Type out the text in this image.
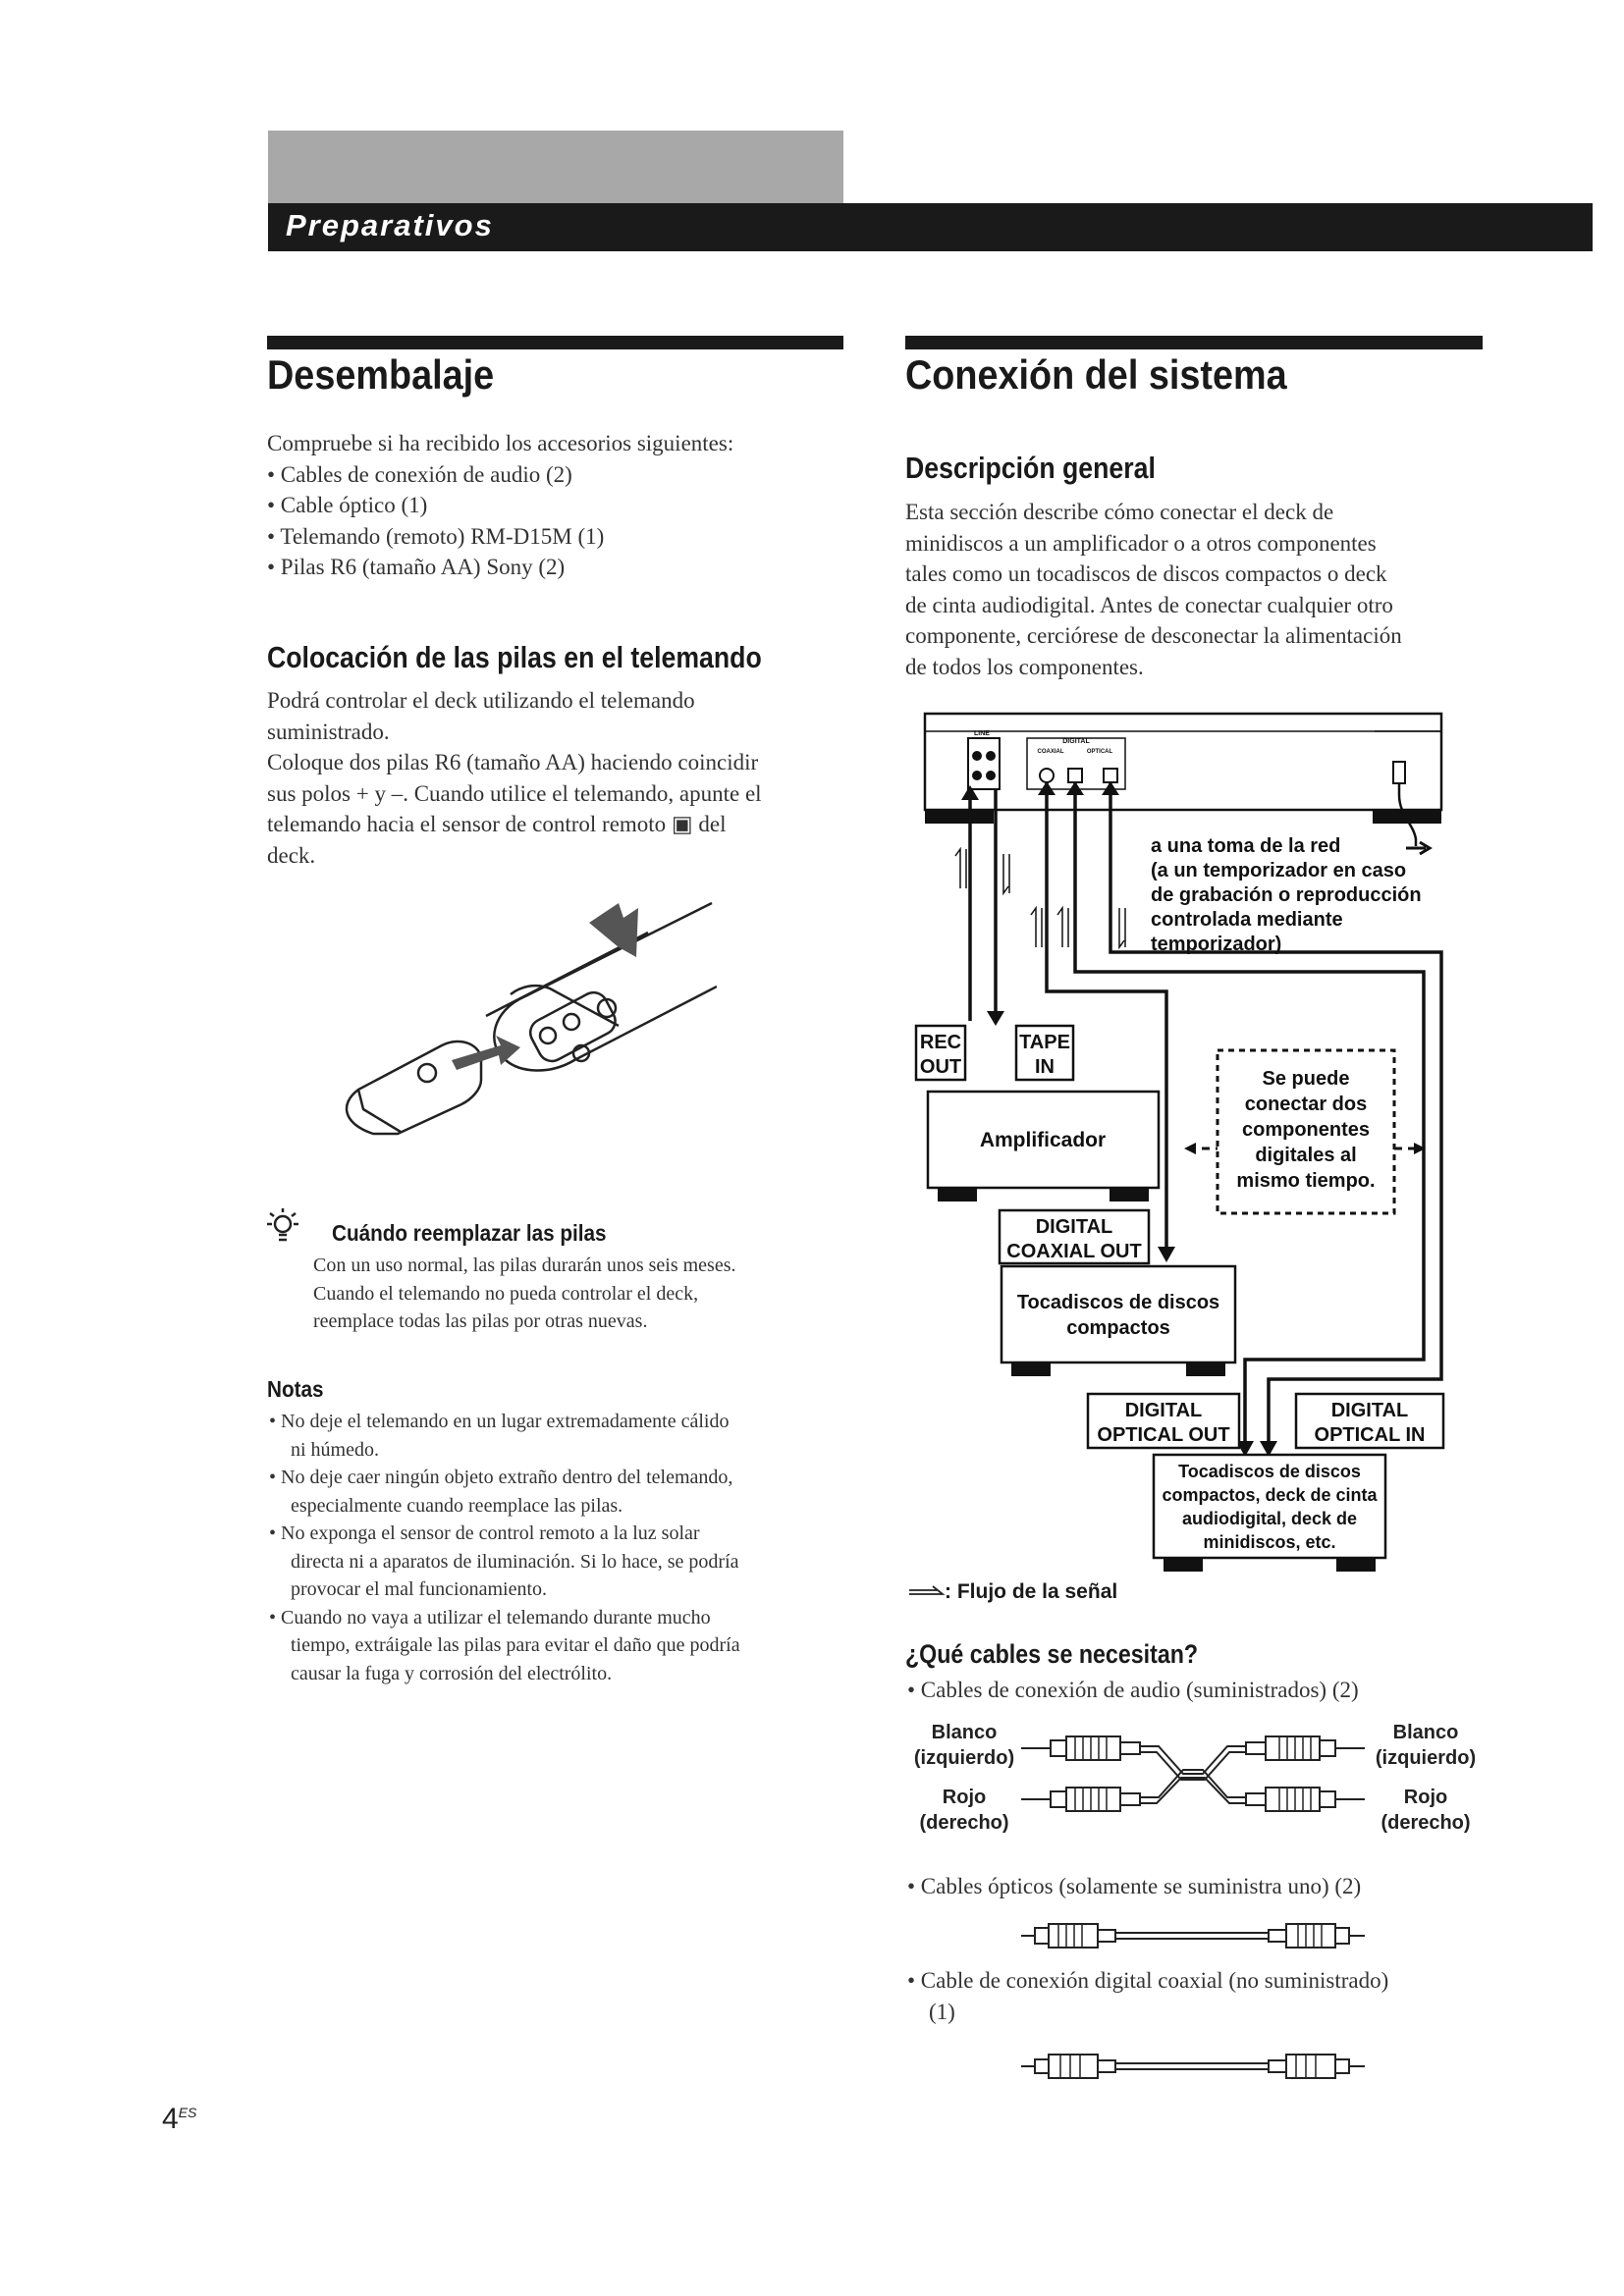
Preparativos
Desembalaje
Compruebe si ha recibido los accesorios siguientes:
• Cables de conexión de audio (2)
• Cable óptico (1)
• Telemando (remoto) RM-D15M (1)
• Pilas R6 (tamaño AA) Sony (2)
Colocación de las pilas en el telemando
Podrá controlar el deck utilizando el telemando
suministrado.
Coloque dos pilas R6 (tamaño AA) haciendo coincidir
sus polos + y –. Cuando utilice el telemando, apunte el
telemando hacia el sensor de control remoto ▣ del
deck.
Cuándo reemplazar las pilas
Con un uso normal, las pilas durarán unos seis meses.
Cuando el telemando no pueda controlar el deck,
reemplace todas las pilas por otras nuevas.
Notas
• No deje el telemando en un lugar extremadamente cálido
ni húmedo.
• No deje caer ningún objeto extraño dentro del telemando,
especialmente cuando reemplace las pilas.
• No exponga el sensor de control remoto a la luz solar
directa ni a aparatos de iluminación. Si lo hace, se podría
provocar el mal funcionamiento.
• Cuando no vaya a utilizar el telemando durante mucho
tiempo, extráigale las pilas para evitar el daño que podría
causar la fuga y corrosión del electrólito.
Conexión del sistema
Descripción general
Esta sección describe cómo conectar el deck de
minidiscos a un amplificador o a otros componentes
tales como un tocadiscos de discos compactos o deck
de cinta audiodigital. Antes de conectar cualquier otro
componente, cerciórese de desconectar la alimentación
de todos los componentes.
LINE
DIGITAL
COAXIAL	OPTICAL
a una toma de la red
(a un temporizador en caso
de grabación o reproducción
controlada mediante
temporizador)
REC
OUT
TAPE
IN
Amplificador
Se puede
conectar dos
componentes
digitales al
mismo tiempo.
DIGITAL
COAXIAL OUT
Tocadiscos de discos
compactos
DIGITAL
OPTICAL OUT
DIGITAL
OPTICAL IN
Tocadiscos de discos
compactos, deck de cinta
audiodigital, deck de
minidiscos, etc.
: Flujo de la señal
¿Qué cables se necesitan?
• Cables de conexión de audio (suministrados) (2)
Blanco
(izquierdo)
Rojo
(derecho)
Blanco
(izquierdo)
Rojo
(derecho)
• Cables ópticos (solamente se suministra uno) (2)
• Cable de conexión digital coaxial (no suministrado)
(1)
$4^{ES}$
